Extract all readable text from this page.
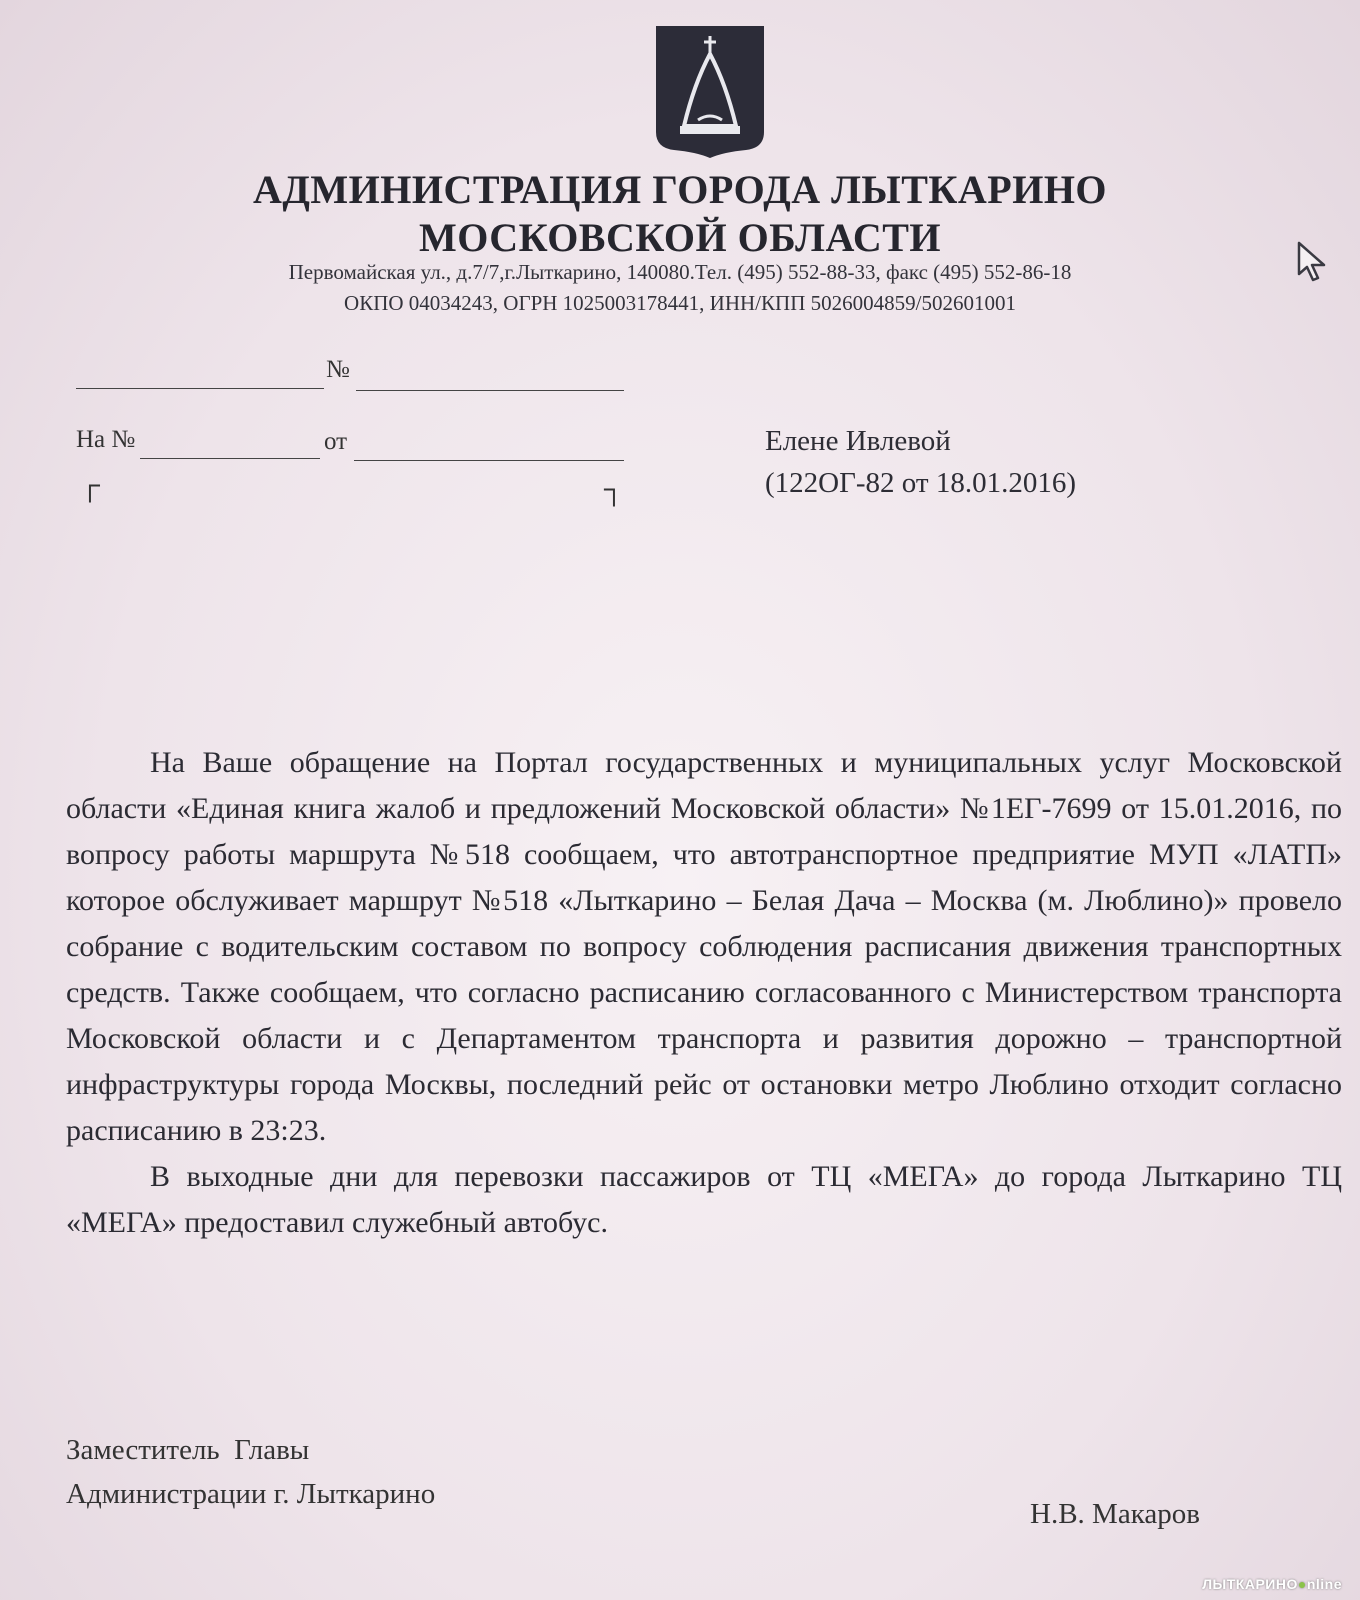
АДМИНИСТРАЦИЯ ГОРОДА ЛЫТКАРИНО
МОСКОВСКОЙ ОБЛАСТИ
Первомайская ул., д.7/7,г.Лыткарино, 140080.Тел. (495) 552-88-33, факс (495) 552-86-18
ОКПО 04034243, ОГРН 1025003178441, ИНН/КПП 5026004859/502601001
№
На №	от
┌	┐
Елене Ивлевой
(122ОГ-82 от 18.01.2016)

На Ваше обращение на Портал государственных и муниципальных услуг Московской области «Единая книга жалоб и предложений Московской области» №1ЕГ-7699 от 15.01.2016, по вопросу работы маршрута №518 сообщаем, что автотранспортное предприятие МУП «ЛАТП» которое обслуживает маршрут №518 «Лыткарино – Белая Дача – Москва (м. Люблино)» провело собрание с водительским составом по вопросу соблюдения расписания движения транспортных средств. Также сообщаем, что согласно расписанию согласованного с Министерством транспорта Московской области и с Департаментом транспорта и развития дорожно – транспортной инфраструктуры города Москвы, последний рейс от остановки метро Люблино отходит согласно расписанию в 23:23.

В выходные дни для перевозки пассажиров от ТЦ «МЕГА» до города Лыткарино ТЦ «МЕГА» предоставил служебный автобус.

Заместитель  Главы
Администрации г. Лыткарино
Н.В. Макаров
ЛЫТКАРИНО●nline
